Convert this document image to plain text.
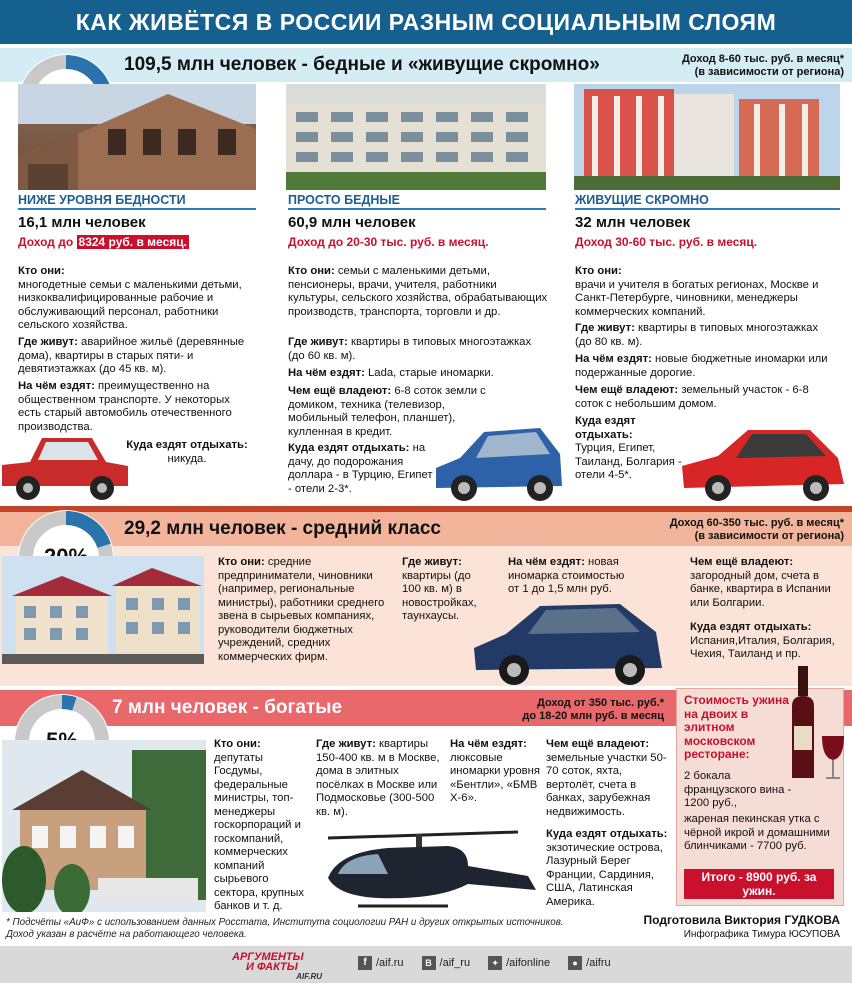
КАК ЖИВЁТСЯ В РОССИИ РАЗНЫМ СОЦИАЛЬНЫМ СЛОЯМ
109,5 млн человек - бедные и «живущие скромно»	Доход 8-60 тыс. руб. в месяц*
(в зависимости от региона)
НИЖЕ УРОВНЯ БЕДНОСТИ
16,1 млн человек
Доход до 8324 руб. в месяц.
Кто они:
многодетные семьи с маленькими детьми, низкоквалифицированные рабочие и обслуживающий персонал, работники сельского хозяйства.
Где живут: аварийное жильё (деревянные дома), квартиры в старых пяти- и девятиэтажках (до 45 кв. м).
На чём ездят: преимущественно на общественном транспорте. У некоторых есть старый автомобиль отечественного производства.
Куда ездят отдыхать:
никуда.
ПРОСТО БЕДНЫЕ
60,9 млн человек
Доход до 20-30 тыс. руб. в месяц.
Кто они: семьи с маленькими детьми, пенсионеры, врачи, учителя, работники культуры, сельского хозяйства, обрабатывающих производств, транспорта, торговли и др.
Где живут: квартиры в типовых многоэтажках (до 60 кв. м).
На чём ездят: Lada, старые иномарки.
Чем ещё владеют: 6-8 соток земли с домиком, техника (телевизор, мобильный телефон, планшет), кулленная в кредит.
Куда ездят отдыхать: на дачу, до подорожания доллара - в Турцию, Египет - отели 2-3*.
ЖИВУЩИЕ СКРОМНО
32 млн человек
Доход 30-60 тыс. руб. в месяц.
Кто они:
врачи и учителя в богатых регионах, Москве и Санкт-Петербурге, чиновники, менеджеры коммерческих компаний.
Где живут: квартиры в типовых многоэтажках (до 80 кв. м).
На чём ездят: новые бюджетные иномарки или подержанные дорогие.
Чем ещё владеют: земельный участок - 6-8 соток с небольшим домом.
Куда ездят отдыхать:
Турция, Египет, Таиланд, Болгария - отели 4-5*.
29,2 млн человек - средний класс	Доход 60-350 тыс. руб. в месяц*
(в зависимости от региона)
Кто они: средние предприниматели, чиновники (например, региональные министры), работники среднего звена в сырьевых компаниях, руководители бюджетных учреждений, средних коммерческих фирм.
Где живут:
квартиры (до 100 кв. м) в новостройках, таунхаусы.
На чём ездят: новая иномарка стоимостью от 1 до 1,5 млн руб.
Чем ещё владеют:
загородный дом, счета в банке, квартира в Испании или Болгарии.
Куда ездят отдыхать:
Испания,Италия, Болгария, Чехия, Таиланд и пр.
7 млн человек - богатые	Доход от 350 тыс. руб.*
до 18-20 млн руб. в месяц
Кто они:
депутаты Госдумы, федеральные министры, топ-менеджеры госкорпораций и госкомпаний, коммерческих компаний сырьевого сектора, крупных банков и т. д.
Где живут: квартиры 150-400 кв. м в Москве, дома в элитных посёлках в Москве или Подмосковье (300-500 кв. м).
На чём ездят:
люксовые иномарки уровня «Бентли», «БМВ Х-6».
Чем ещё владеют:
земельные участки 50-70 соток, яхта, вертолёт, счета в банках, зарубежная недвижимость.
Куда ездят отдыхать:
экзотические острова, Лазурный Берег Франции, Сардиния, США, Латинская Америка.
Стоимость ужина на двоих в элитном московском ресторане:
2 бокала французского вина - 1200 руб.,
жареная пекинская утка с чёрной икрой и домашними блинчиками - 7700 руб.
Итого - 8900 руб. за ужин.
* Подсчёты «АиФ» с использованием данных Росстата, Института социологии РАН и других открытых источников.
Доход указан в расчёте на работающего человека.
Подготовила Виктория ГУДКОВА
Инфографика Тимура ЮСУПОВА
АРГУМЕНТЫ
И ФАКТЫ
AIF.RU
f /aif.ru	B /aif_ru	✦ /aifonline	● /aifru
